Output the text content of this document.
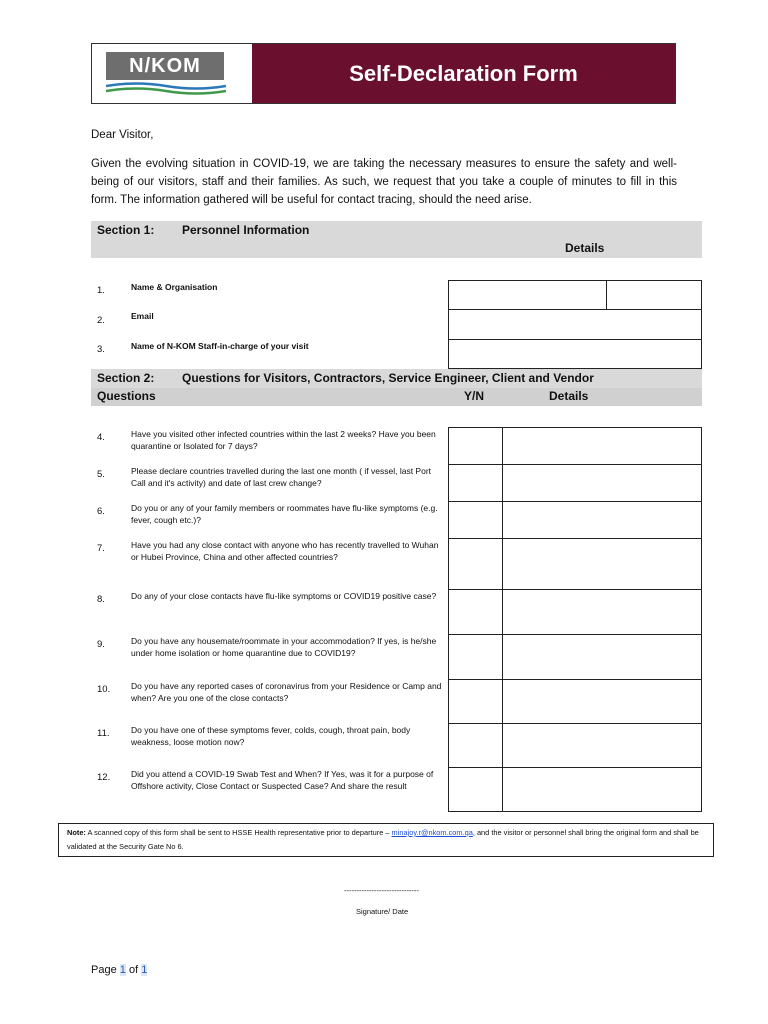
N/KOM	Self-Declaration Form
Dear Visitor,
Given the evolving situation in COVID-19, we are taking the necessary measures to ensure the safety and well-being of our visitors, staff and their families. As such, we request that you take a couple of minutes to fill in this form. The information gathered will be useful for contact tracing, should the need arise.
Section 1: Personnel Information
Details
1.	Name & Organisation
2.	Email
3.	Name of N-KOM Staff-in-charge of your visit
Section 2: Questions for Visitors, Contractors, Service Engineer, Client and Vendor
Questions	Y/N	Details
4.	Have you visited other infected countries within the last 2 weeks? Have you been quarantine or Isolated for 7 days?
5.	Please declare countries travelled during the last one month ( if vessel, last Port Call and it's activity) and date of last crew change?
6.	Do you or any of your family members or roommates have flu-like symptoms (e.g. fever, cough etc.)?
7.	Have you had any close contact with anyone who has recently travelled to Wuhan or Hubei Province, China and other affected countries?
8.	Do any of your close contacts have flu-like symptoms or COVID19 positive case?
9.	Do you have any housemate/roommate in your accommodation? If yes, is he/she under home isolation or home quarantine due to COVID19?
10. Do you have any reported cases of coronavirus from your Residence or Camp and when? Are you one of the close contacts?
11.	Do you have one of these symptoms fever, colds, cough, throat pain, body weakness, loose motion now?
12. Did you attend a COVID-19 Swab Test and When? If Yes, was it for a purpose of Offshore activity, Close Contact or Suspected Case? And share the result
Note: A scanned copy of this form shall be sent to HSSE Health representative prior to departure – minajoy.r@nkom.com.qa, and the visitor or personnel shall bring the original form and shall be validated at the Security Gate No 6.
------------------------------
Signature/ Date
Page 1 of 1
